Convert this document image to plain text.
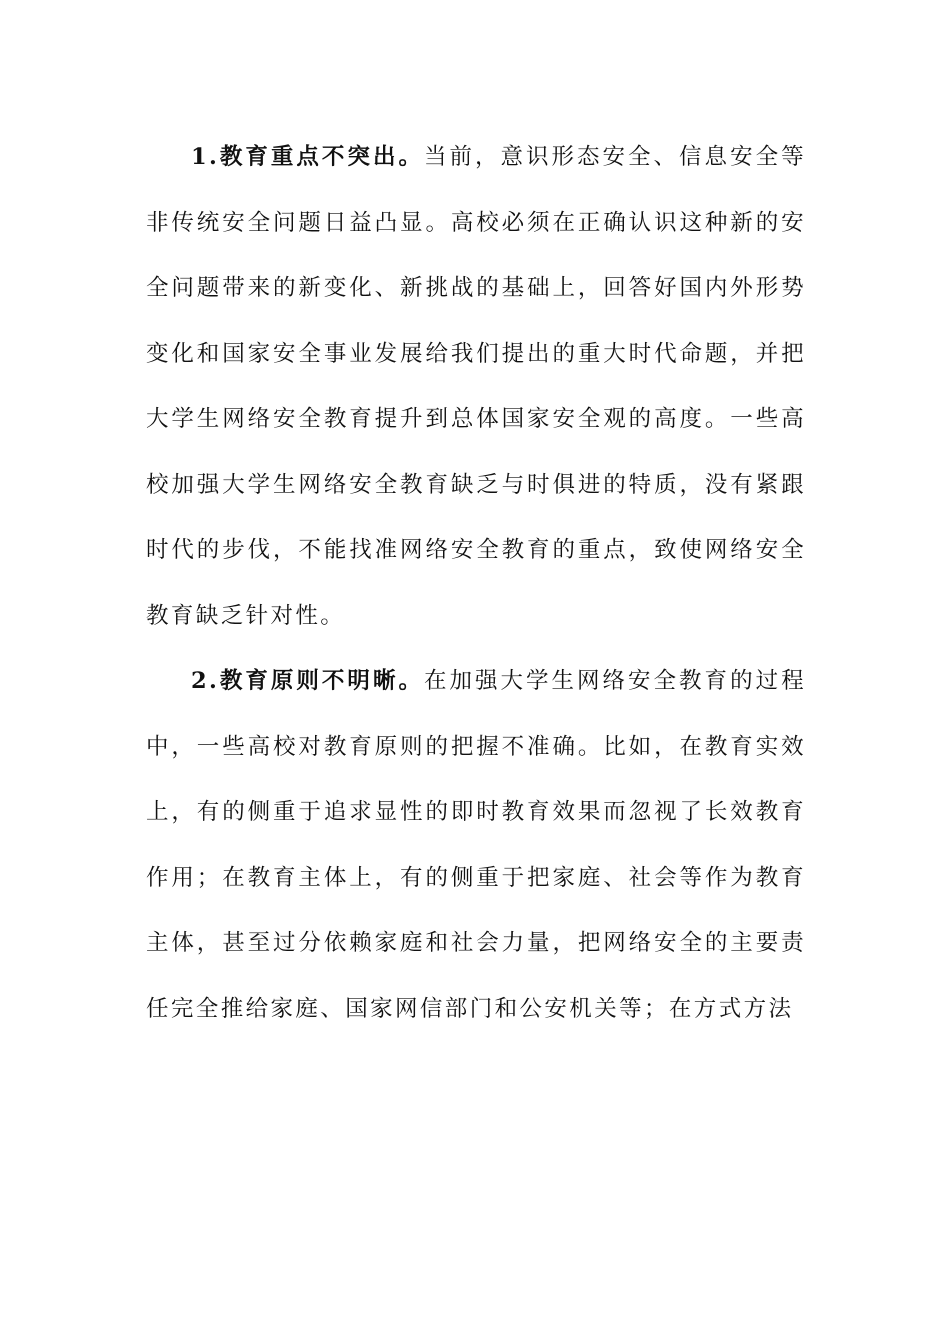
1.教育重点不突出。当前，意识形态安全、信息安全等非传统安全问题日益凸显。高校必须在正确认识这种新的安全问题带来的新变化、新挑战的基础上，回答好国内外形势变化和国家安全事业发展给我们提出的重大时代命题，并把大学生网络安全教育提升到总体国家安全观的高度。一些高校加强大学生网络安全教育缺乏与时俱进的特质，没有紧跟时代的步伐，不能找准网络安全教育的重点，致使网络安全教育缺乏针对性。

2.教育原则不明晰。在加强大学生网络安全教育的过程中，一些高校对教育原则的把握不准确。比如，在教育实效上，有的侧重于追求显性的即时教育效果而忽视了长效教育作用；在教育主体上，有的侧重于把家庭、社会等作为教育主体，甚至过分依赖家庭和社会力量，把网络安全的主要责任完全推给家庭、国家网信部门和公安机关等；在方式方法
